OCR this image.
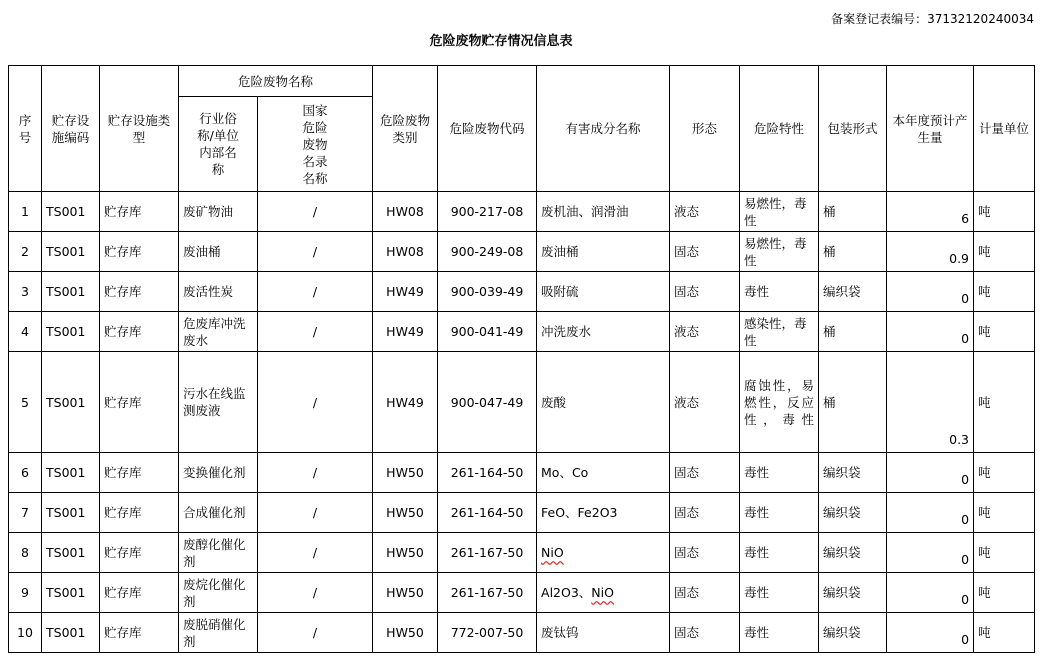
备案登记表编号：37132120240034
危险废物贮存情况信息表
序号	贮存设施编码	贮存设施类型	危险废物名称		危险废物类别	危险废物代码	有害成分名称	形态	危险特性	包装形式	本年度预计产生量	计量单位
			行业俗称/单位内部名称	国家危险废物名录名称								
1	TS001	贮存库	废矿物油	/	HW08	900-217-08	废机油、润滑油	液态	易燃性，毒性	桶	6	吨
2	TS001	贮存库	废油桶	/	HW08	900-249-08	废油桶	固态	易燃性，毒性	桶	0.9	吨
3	TS001	贮存库	废活性炭	/	HW49	900-039-49	吸附硫	固态	毒性	编织袋	0	吨
4	TS001	贮存库	危废库冲洗废水	/	HW49	900-041-49	冲洗废水	液态	感染性，毒性	桶	0	吨
5	TS001	贮存库	污水在线监测废液	/	HW49	900-047-49	废酸	液态	腐蚀性，易燃性，反应性，毒性	桶	0.3	吨
6	TS001	贮存库	变换催化剂	/	HW50	261-164-50	Mo、Co	固态	毒性	编织袋	0	吨
7	TS001	贮存库	合成催化剂	/	HW50	261-164-50	FeO、Fe2O3	固态	毒性	编织袋	0	吨
8	TS001	贮存库	废醇化催化剂	/	HW50	261-167-50	NiO	固态	毒性	编织袋	0	吨
9	TS001	贮存库	废烷化催化剂	/	HW50	261-167-50	Al2O3、NiO	固态	毒性	编织袋	0	吨
10	TS001	贮存库	废脱硝催化剂	/	HW50	772-007-50	废钛钨	固态	毒性	编织袋	0	吨
